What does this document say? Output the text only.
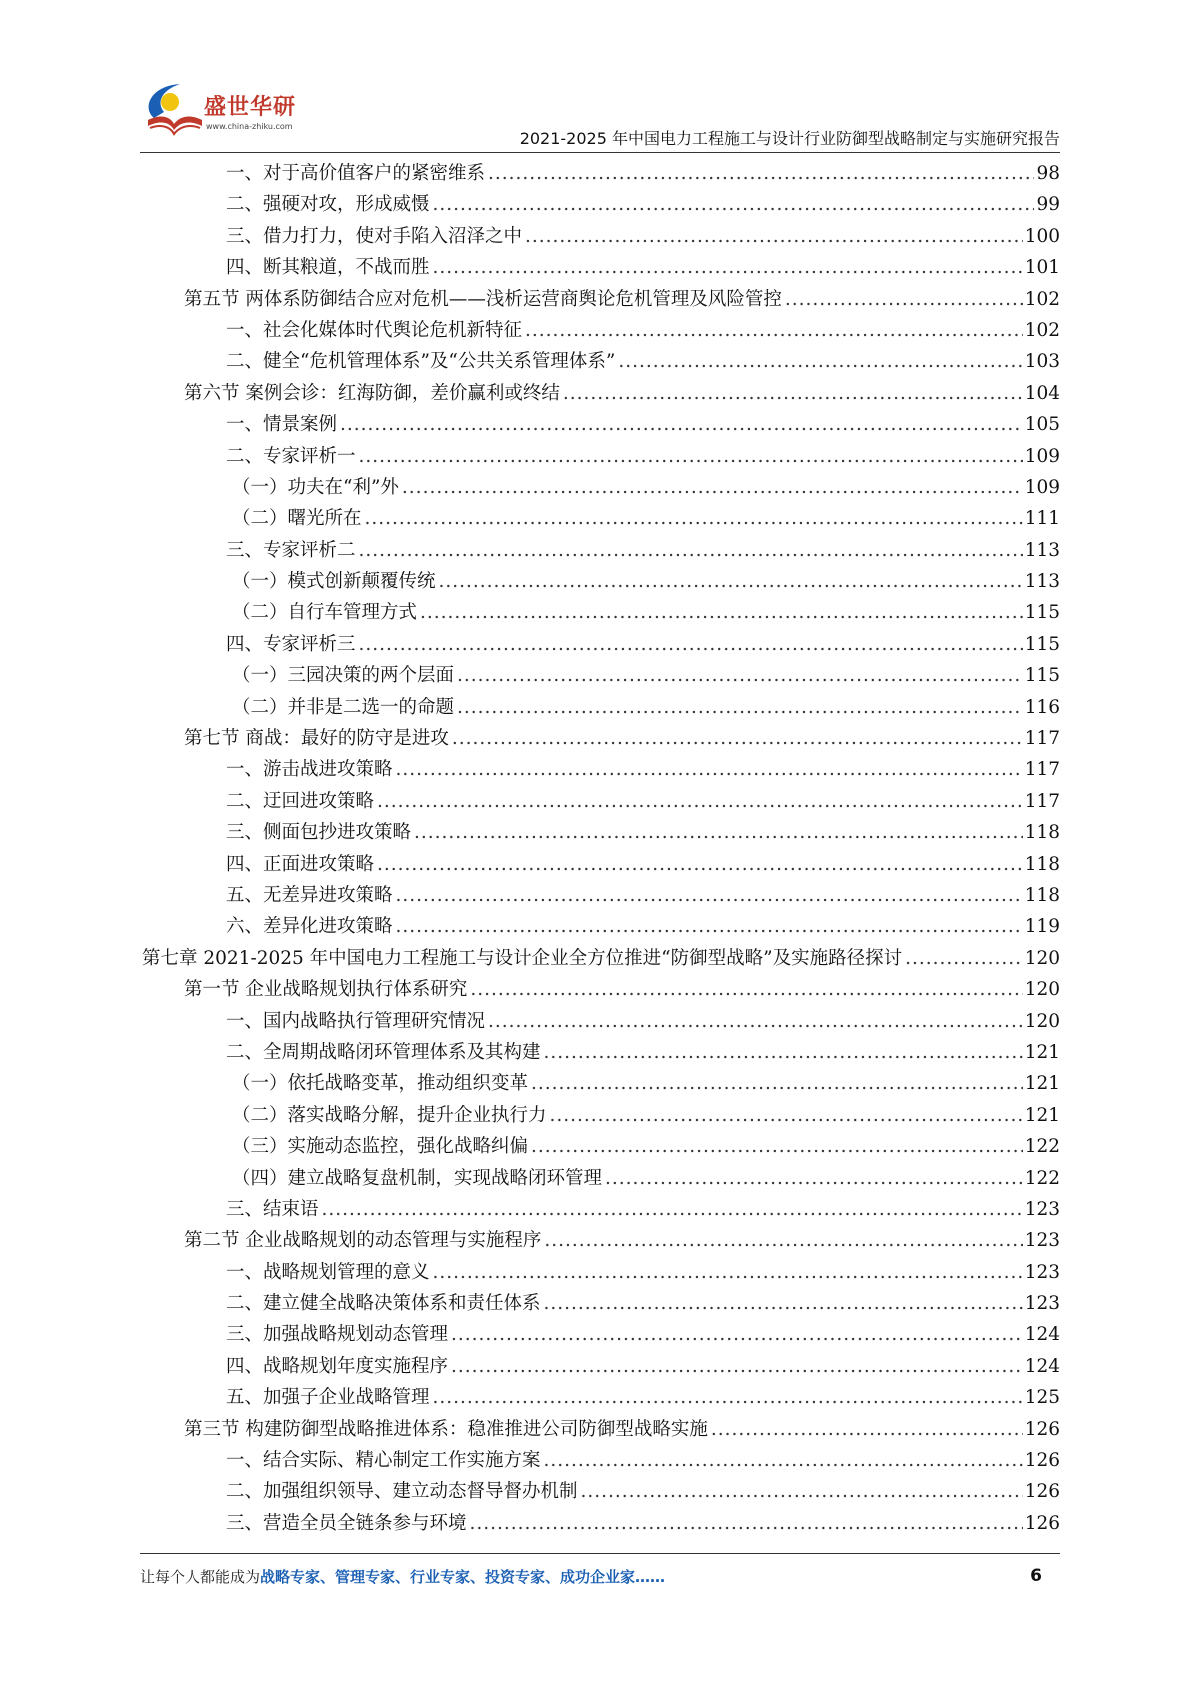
盛世华研
www.china-zhiku.com
2021-2025 年中国电力工程施工与设计行业防御型战略制定与实施研究报告
一、对于高价值客户的紧密维系 .....	98
二、强硬对攻，形成威慑 .....	99
三、借力打力，使对手陷入沼泽之中 .....	100
四、断其粮道，不战而胜 .....	101
第五节 两体系防御结合应对危机——浅析运营商舆论危机管理及风险管控 .....	102
一、社会化媒体时代舆论危机新特征 .....	102
二、健全“危机管理体系”及“公共关系管理体系” .....	103
第六节 案例会诊：红海防御，差价赢利或终结 .....	104
一、情景案例 .....	105
二、专家评析一 .....	109
（一）功夫在“利”外 .....	109
（二）曙光所在 .....	111
三、专家评析二 .....	113
（一）模式创新颠覆传统 .....	113
（二）自行车管理方式 .....	115
四、专家评析三 .....	115
（一）三园决策的两个层面 .....	115
（二）并非是二选一的命题 .....	116
第七节 商战：最好的防守是进攻 .....	117
一、游击战进攻策略 .....	117
二、迂回进攻策略 .....	117
三、侧面包抄进攻策略 .....	118
四、正面进攻策略 .....	118
五、无差异进攻策略 .....	118
六、差异化进攻策略 .....	119
第七章 2021-2025 年中国电力工程施工与设计企业全方位推进“防御型战略”及实施路径探讨 .....	120
第一节 企业战略规划执行体系研究 .....	120
一、国内战略执行管理研究情况 .....	120
二、全周期战略闭环管理体系及其构建 .....	121
（一）依托战略变革，推动组织变革 .....	121
（二）落实战略分解，提升企业执行力 .....	121
（三）实施动态监控，强化战略纠偏 .....	122
（四）建立战略复盘机制，实现战略闭环管理 .....	122
三、结束语 .....	123
第二节 企业战略规划的动态管理与实施程序 .....	123
一、战略规划管理的意义 .....	123
二、建立健全战略决策体系和责任体系 .....	123
三、加强战略规划动态管理 .....	124
四、战略规划年度实施程序 .....	124
五、加强子企业战略管理 .....	125
第三节 构建防御型战略推进体系：稳准推进公司防御型战略实施 .....	126
一、结合实际、精心制定工作实施方案 .....	126
二、加强组织领导、建立动态督导督办机制 .....	126
三、营造全员全链条参与环境 .....	126
让每个人都能成为战略专家、管理专家、行业专家、投资专家、成功企业家……	6
